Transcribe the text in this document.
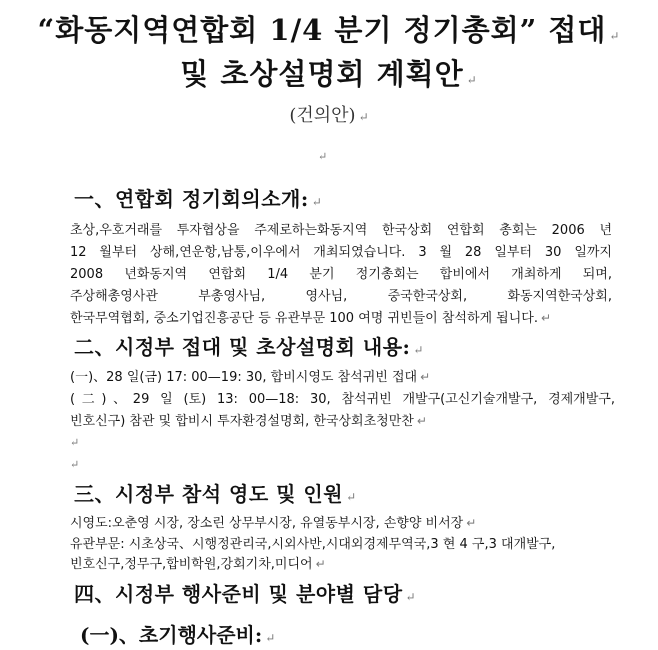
“화동지역연합회 1/4 분기 정기총회” 접대 ↵
및 초상설명회 계획안 ↵
(건의안) ↵
↵
一、연합회 정기회의소개: ↵
초상,우호거래를 투자협상을 주제로하는화동지역 한국상회 연합회 총회는 2006 년
12 월부터 상해,연운항,남통,이우에서 개최되였습니다. 3 월 28 일부터 30 일까지
2008 년화동지역 연합회 1/4 분기 정기총회는 합비에서 개최하게 되며,
주상해총영사관 부총영사님, 영사님, 중국한국상회, 화동지역한국상회,
한국무역협회, 중소기업진흥공단 등 유관부문 100 여명 귀빈들이 참석하게 됩니다. ↵
二、시정부 접대 및 초상설명회 내용: ↵
(一)、28 일(금) 17: 00—19: 30, 합비시영도 참석귀빈 접대 ↵
(二)、29 일 (토) 13: 00—18: 30, 참석귀빈 개발구(고신기술개발구, 경제개발구,
빈호신구) 참관 및 합비시 투자환경설명회, 한국상회초청만찬 ↵
↵
↵
三、시정부 참석 영도 및 인원 ↵
시영도:오춘영 시장, 장소린 상무부시장, 유열동부시장, 손향양 비서장 ↵
유관부문: 시초상국、시행정관리국,시외사반,시대외경제무역국,3 현 4 구,3 대개발구,
빈호신구,정무구,합비학원,강회기차,미디어 ↵
四、시정부 행사준비 및 분야별 담당 ↵
(一)、초기행사준비: ↵
